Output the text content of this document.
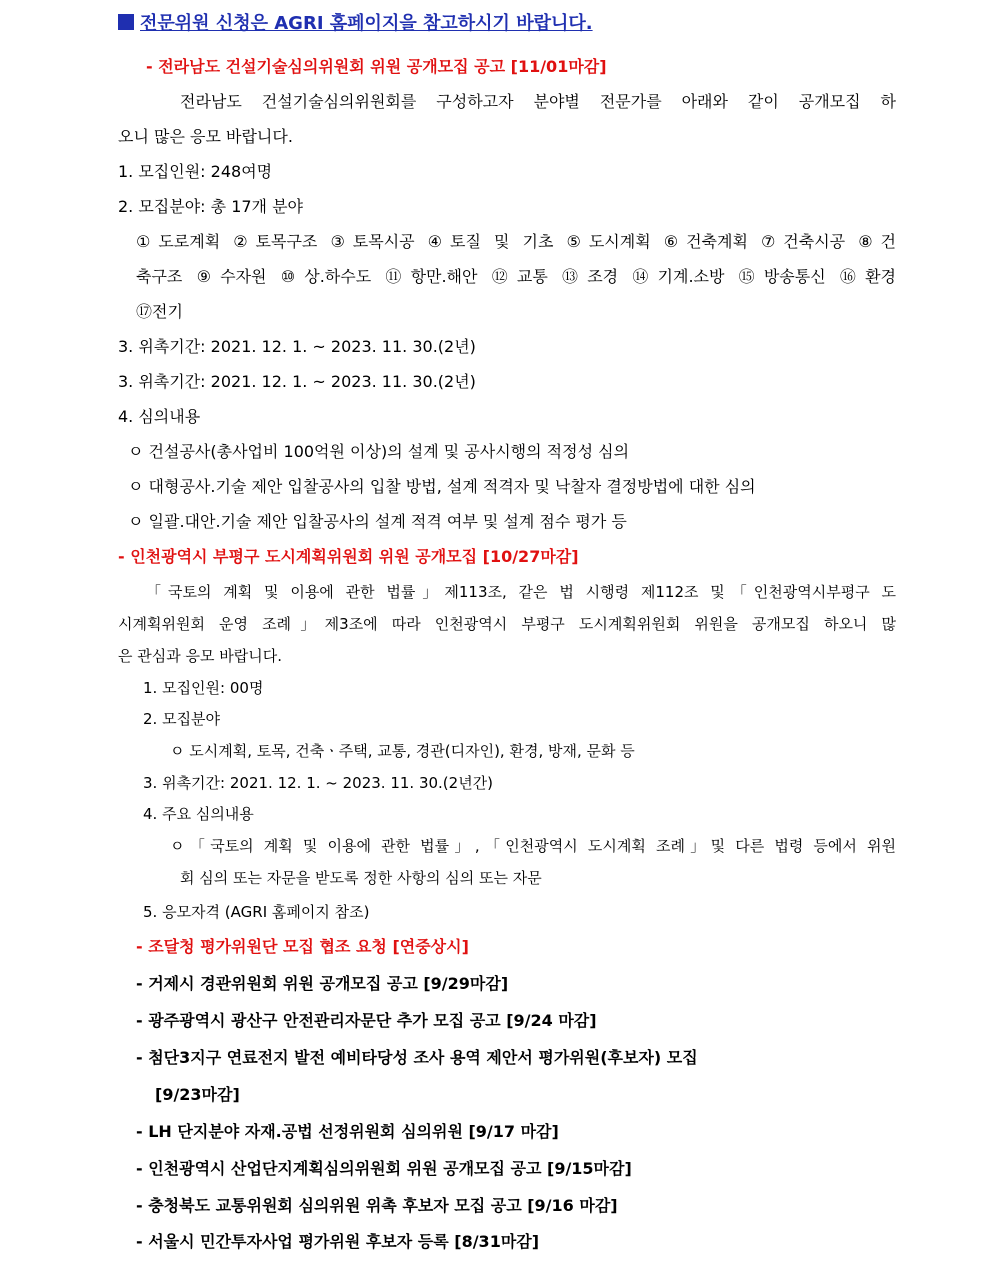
전문위원 신청은 AGRI 홈페이지을 참고하시기 바랍니다.
- 전라남도 건설기술심의위원회 위원 공개모집 공고 [11/01마감]
전라남도 건설기술심의위원회를 구성하고자 분야별 전문가를 아래와 같이 공개모집 하
오니 많은 응모 바랍니다.
1. 모집인원: 248여명
2. 모집분야: 총 17개 분야
①도로계획 ②토목구조 ③토목시공 ④토질 및 기초 ⑤도시계획 ⑥건축계획 ⑦건축시공 ⑧건
축구조 ⑨수자원 ⑩상.하수도 ⑪항만.해안 ⑫교통 ⑬조경 ⑭기계.소방 ⑮방송통신 ⑯환경
⑰전기
3. 위촉기간: 2021. 12. 1. ~ 2023. 11. 30.(2년)
3. 위촉기간: 2021. 12. 1. ~ 2023. 11. 30.(2년)
4. 심의내용
ㅇ 건설공사(총사업비 100억원 이상)의 설계 및 공사시행의 적정성 심의
ㅇ 대형공사.기술 제안 입찰공사의 입찰 방법, 설계 적격자 및 낙찰자 결정방법에 대한 심의
ㅇ 일괄.대안.기술 제안 입찰공사의 설계 적격 여부 및 설계 점수 평가 등
- 인천광역시 부평구 도시계획위원회 위원 공개모집 [10/27마감]
「국토의 계획 및 이용에 관한 법률」제113조, 같은 법 시행령 제112조 및「인천광역시부평구 도
시계획위원회 운영 조례」제3조에 따라 인천광역시 부평구 도시계획위원회 위원을 공개모집 하오니 많
은 관심과 응모 바랍니다.
1. 모집인원: 00명
2. 모집분야
ㅇ 도시계획, 토목, 건축ㆍ주택, 교통, 경관(디자인), 환경, 방재, 문화 등
3. 위촉기간: 2021. 12. 1. ~ 2023. 11. 30.(2년간)
4. 주요 심의내용
ㅇ「국토의 계획 및 이용에 관한 법률」,「인천광역시 도시계획 조례」및 다른 법령 등에서 위원
회 심의 또는 자문을 받도록 정한 사항의 심의 또는 자문
5. 응모자격 (AGRI 홈페이지 참조)
- 조달청 평가위원단 모집 협조 요청 [연중상시]
- 거제시 경관위원회 위원 공개모집 공고 [9/29마감]
- 광주광역시 광산구 안전관리자문단 추가 모집 공고 [9/24 마감]
- 첨단3지구 연료전지 발전 예비타당성 조사 용역 제안서 평가위원(후보자) 모집
[9/23마감]
- LH 단지분야 자재.공법 선정위원회 심의위원 [9/17 마감]
- 인천광역시 산업단지계획심의위원회 위원 공개모집 공고 [9/15마감]
- 충청북도 교통위원회 심의위원 위촉 후보자 모집 공고 [9/16 마감]
- 서울시 민간투자사업 평가위원 후보자 등록 [8/31마감]
